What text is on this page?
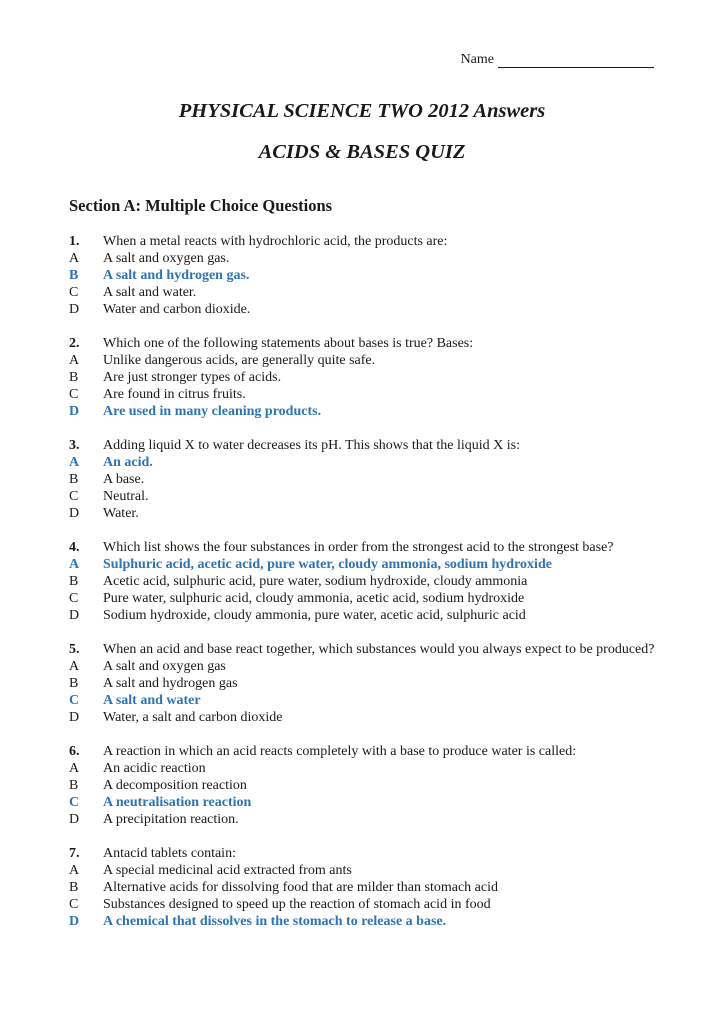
Name
PHYSICAL SCIENCE TWO 2012 Answers
ACIDS & BASES QUIZ
Section A: Multiple Choice Questions
1.	When a metal reacts with hydrochloric acid, the products are:
A	A salt and oxygen gas.
B	A salt and hydrogen gas.
C	A salt and water.
D	Water and carbon dioxide.
2.	Which one of the following statements about bases is true? Bases:
A	Unlike dangerous acids, are generally quite safe.
B	Are just stronger types of acids.
C	Are found in citrus fruits.
D	Are used in many cleaning products.
3.	Adding liquid X to water decreases its pH. This shows that the liquid X is:
A	An acid.
B	A base.
C	Neutral.
D	Water.
4.	Which list shows the four substances in order from the strongest acid to the strongest base?
A	Sulphuric acid, acetic acid, pure water, cloudy ammonia, sodium hydroxide
B	Acetic acid, sulphuric acid, pure water, sodium hydroxide, cloudy ammonia
C	Pure water, sulphuric acid, cloudy ammonia, acetic acid, sodium hydroxide
D	Sodium hydroxide, cloudy ammonia, pure water, acetic acid, sulphuric acid
5.	When an acid and base react together, which substances would you always expect to be produced?
A	A salt and oxygen gas
B	A salt and hydrogen gas
C	A salt and water
D	Water, a salt and carbon dioxide
6.	A reaction in which an acid reacts completely with a base to produce water is called:
A	An acidic reaction
B	A decomposition reaction
C	A neutralisation reaction
D	A precipitation reaction.
7.	Antacid tablets contain:
A	A special medicinal acid extracted from ants
B	Alternative acids for dissolving food that are milder than stomach acid
C	Substances designed to speed up the reaction of stomach acid in food
D	A chemical that dissolves in the stomach to release a base.
